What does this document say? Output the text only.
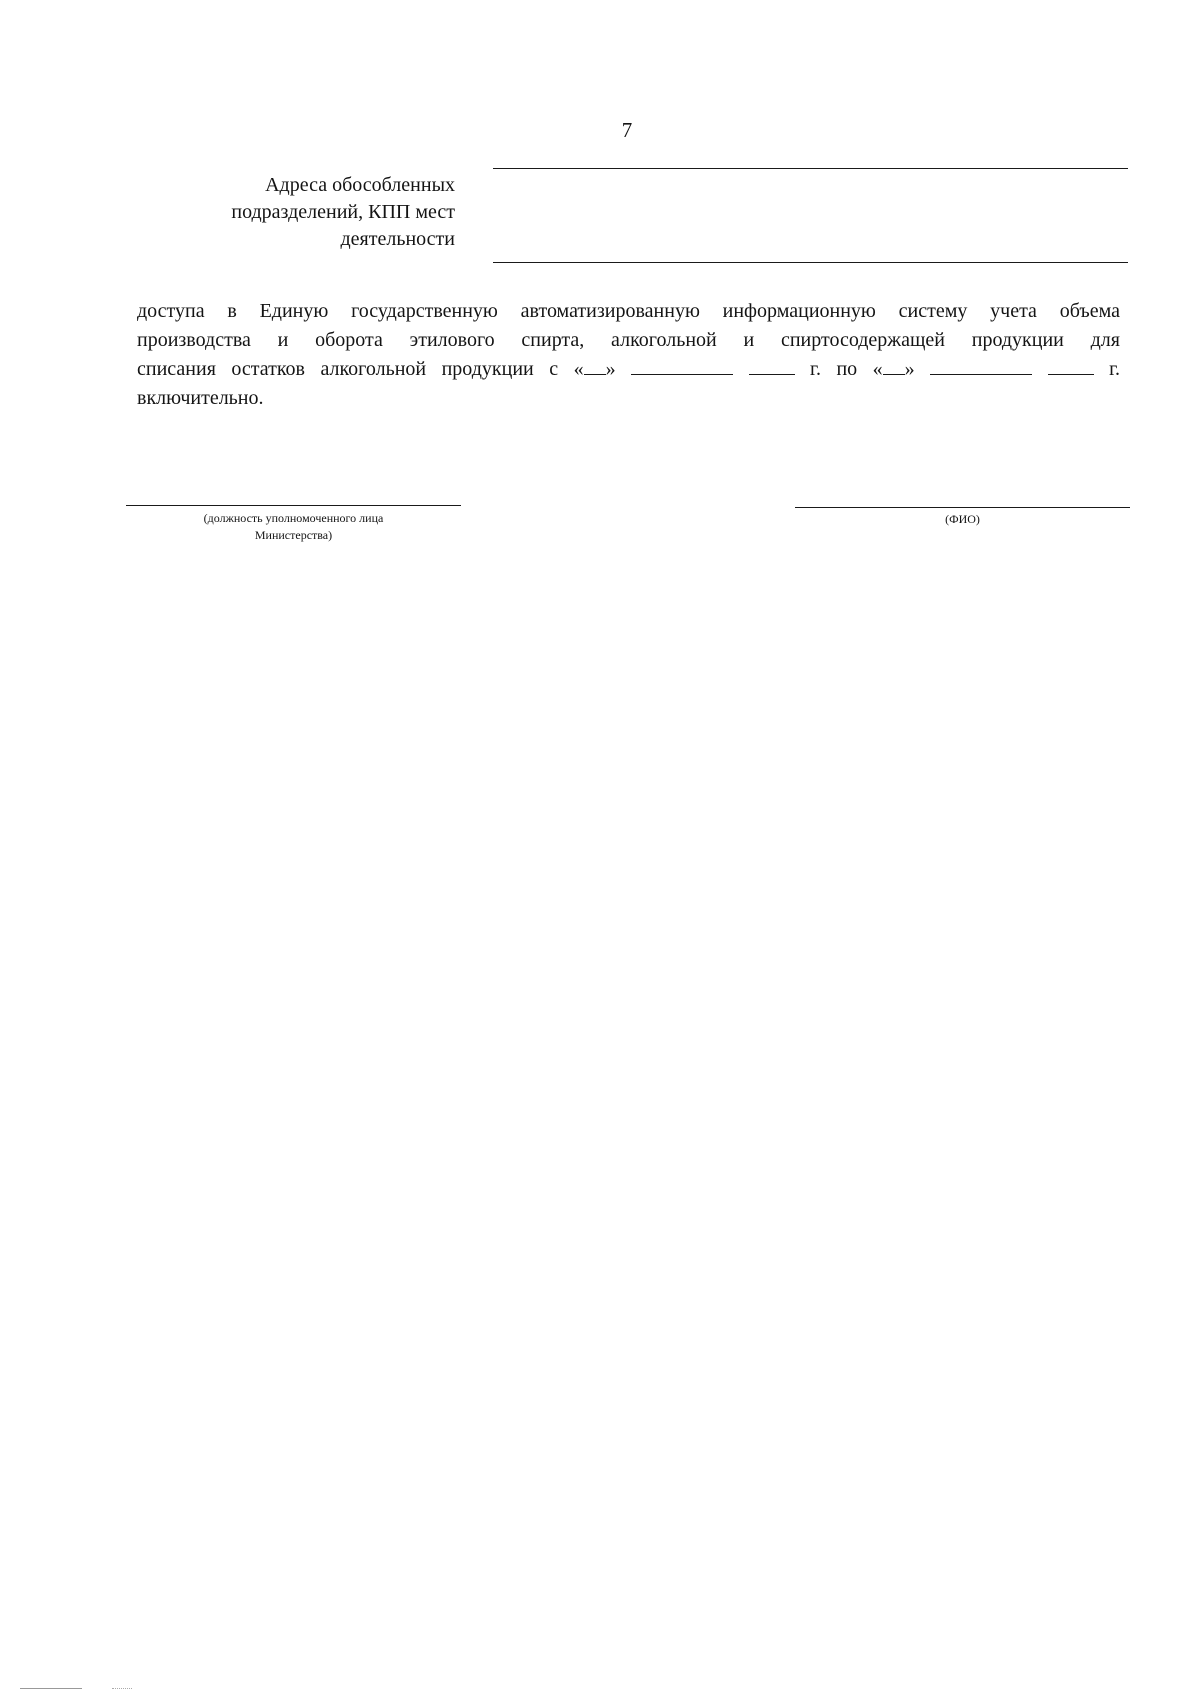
7
Адреса обособленных
подразделений, КПП мест
деятельности
доступа в Единую государственную автоматизированную информационную систему учета объема
производства и оборота этилового спирта, алкогольной и спиртосодержащей продукции для
списания остатков алкогольной продукции с « »	г. по « »	г.
включительно.
(должность уполномоченного лица
Министерства)
(ФИО)
